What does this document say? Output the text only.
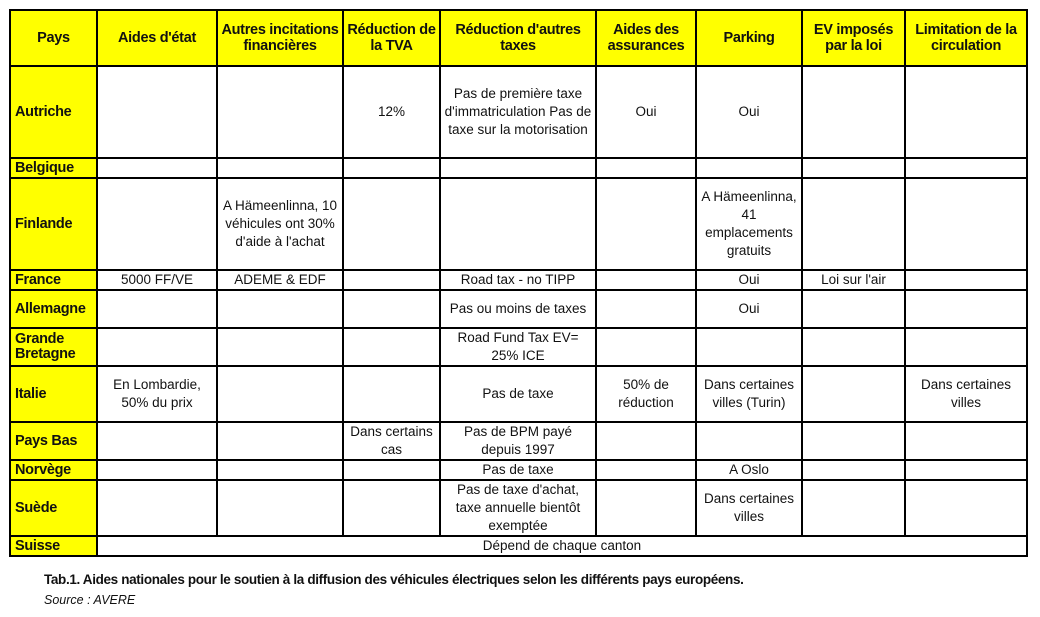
Pays	Aides d'état	Autres incitations financières	Réduction de la TVA	Réduction d'autres taxes	Aides des assurances	Parking	EV imposés par la loi	Limitation de la circulation
Autriche			12%	Pas de première taxe d'immatriculation Pas de taxe sur la motorisation	Oui	Oui		
Belgique								
Finlande		A Hämeenlinna, 10 véhicules ont 30% d'aide à l'achat				A Hämeenlinna, 41 emplacements gratuits		
France	5000 FF/VE	ADEME & EDF		Road tax - no TIPP		Oui	Loi sur l'air	
Allemagne				Pas ou moins de taxes		Oui		
Grande Bretagne				Road Fund Tax EV= 25% ICE				
Italie	En Lombardie, 50% du prix			Pas de taxe	50% de réduction	Dans certaines villes (Turin)		Dans certaines villes
Pays Bas			Dans certains cas	Pas de BPM payé depuis 1997				
Norvège				Pas de taxe		A Oslo		
Suède				Pas de taxe d'achat, taxe annuelle bientôt exemptée		Dans certaines villes		
Suisse	Dépend de chaque canton							
Tab.1. Aides nationales pour le soutien à la diffusion des véhicules électriques selon les différents pays européens.
Source : AVERE
